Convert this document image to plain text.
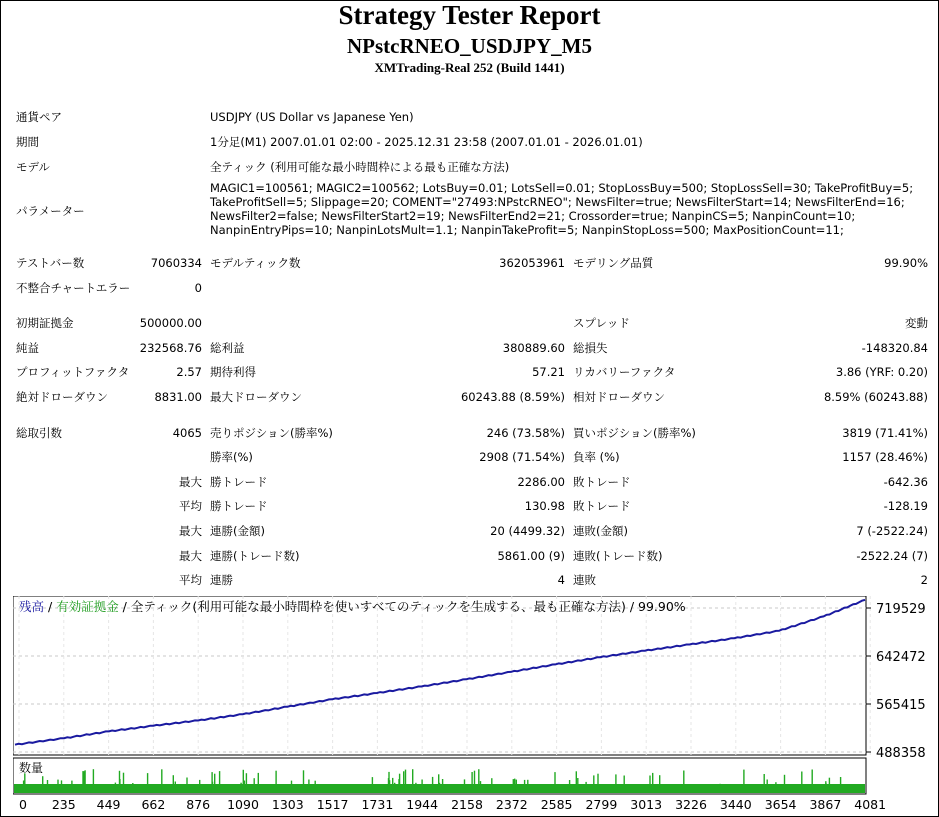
Strategy Tester Report
NPstcRNEO_USDJPY_M5
XMTrading-Real 252 (Build 1441)
通貨ペア	USDJPY (US Dollar vs Japanese Yen)
期間	1分足(M1) 2007.01.01 02:00 - 2025.12.31 23:58 (2007.01.01 - 2026.01.01)
モデル	全ティック (利用可能な最小時間枠による最も正確な方法)
パラメーター
MAGIC1=100561; MAGIC2=100562; LotsBuy=0.01; LotsSell=0.01; StopLossBuy=500; StopLossSell=30; TakeProfitBuy=5; TakeProfitSell=5; Slippage=20; COMENT="27493:NPstcRNEO"; NewsFilter=true; NewsFilterStart=14; NewsFilterEnd=16; NewsFilter2=false; NewsFilterStart2=19; NewsFilterEnd2=21; Crossorder=true; NanpinCS=5; NanpinCount=10; NanpinEntryPips=10; NanpinLotsMult=1.1; NanpinTakeProfit=5; NanpinStopLoss=500; MaxPositionCount=11;
テストバー数	7060334 モデルティック数	362053961 モデリング品質	99.90%
不整合チャートエラー	0
初期証拠金	500000.00	スプレッド	変動
純益	232568.76 総利益	380889.60 総損失	-148320.84
プロフィットファクタ	2.57 期待利得	57.21 リカバリーファクタ	3.86 (YRF: 0.20)
絶対ドローダウン	8831.00 最大ドローダウン	60243.88 (8.59%) 相対ドローダウン	8.59% (60243.88)
総取引数	4065 売りポジション(勝率%)	246 (73.58%) 買いポジション(勝率%)	3819 (71.41%)
勝率(%)	2908 (71.54%) 負率 (%)	1157 (28.46%)
最大 勝トレード	2286.00 敗トレード	-642.36
平均 勝トレード	130.98 敗トレード	-128.19
最大 連勝(金額)	20 (4499.32) 連敗(金額)	7 (-2522.24)
最大 連勝(トレード数)	5861.00 (9) 連敗(トレード数)	-2522.24 (7)
平均 連勝	4 連敗	2
残高 / 有効証拠金 / 全ティック(利用可能な最小時間枠を使いすべてのティックを生成する、最も正確な方法) / 99.90%
数量
719529
642472
565415
488358
0 235 449 662 876 1090 1303 1517 1731 1944 2158 2372 2585 2799 3013 3226 3440 3654 3867 4081
